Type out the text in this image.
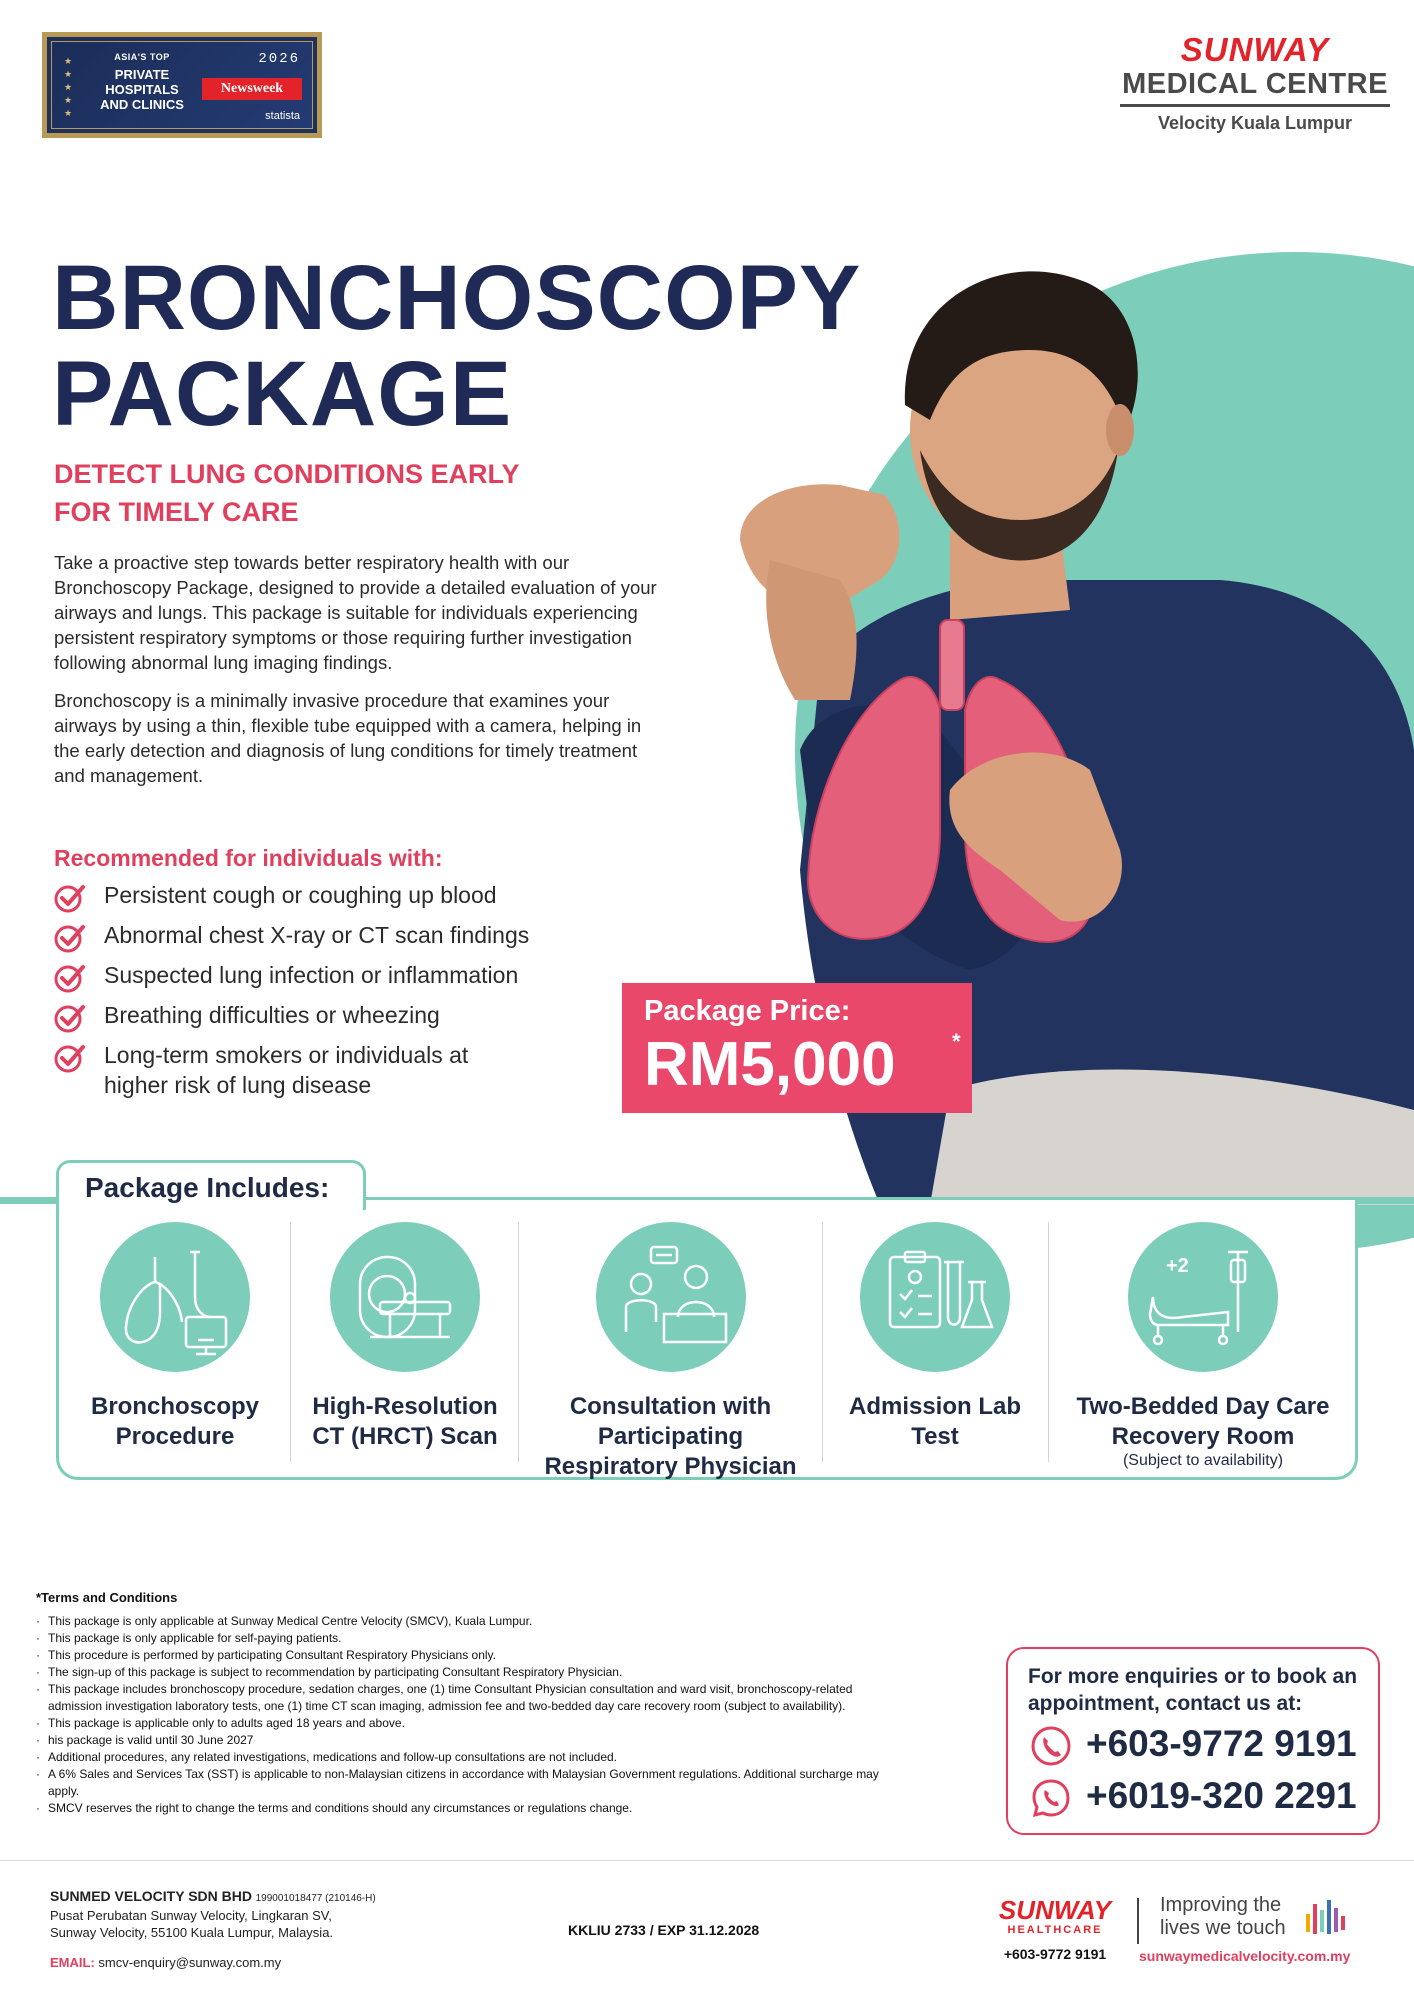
★
★
★
★
★
ASIA'S TOP
PRIVATE HOSPITALS AND CLINICS
2026
Newsweek
statista
SUNWAY
MEDICAL CENTRE
Velocity Kuala Lumpur
BRONCHOSCOPY
PACKAGE
DETECT LUNG CONDITIONS EARLY
FOR TIMELY CARE

Take a proactive step towards better respiratory health with our Bronchoscopy Package, designed to provide a detailed evaluation of your airways and lungs. This package is suitable for individuals experiencing persistent respiratory symptoms or those requiring further investigation following abnormal lung imaging findings.

Bronchoscopy is a minimally invasive procedure that examines your airways by using a thin, flexible tube equipped with a camera, helping in the early detection and diagnosis of lung conditions for timely treatment and management.

Recommended for individuals with:
Persistent cough or coughing up blood
Abnormal chest X-ray or CT scan findings
Suspected lung infection or inflammation
Breathing difficulties or wheezing
Long-term smokers or individuals at higher risk of lung disease
Package Price:
RM5,000	*
Package Includes:
Bronchoscopy Procedure
High-Resolution CT (HRCT) Scan
Consultation with Participating Respiratory Physician
Admission Lab Test
+2
Two-Bedded Day Care Recovery Room
(Subject to availability)
*Terms and Conditions
· This package is only applicable at Sunway Medical Centre Velocity (SMCV), Kuala Lumpur.
· This package is only applicable for self-paying patients.
· This procedure is performed by participating Consultant Respiratory Physicians only.
· The sign-up of this package is subject to recommendation by participating Consultant Respiratory Physician.
· This package includes bronchoscopy procedure, sedation charges, one (1) time Consultant Physician consultation and ward visit, bronchoscopy-related admission investigation laboratory tests, one (1) time CT scan imaging, admission fee and two-bedded day care recovery room (subject to availability).
· This package is applicable only to adults aged 18 years and above.
· his package is valid until 30 June 2027
· Additional procedures, any related investigations, medications and follow-up consultations are not included.
· A 6% Sales and Services Tax (SST) is applicable to non-Malaysian citizens in accordance with Malaysian Government regulations. Additional surcharge may apply.
· SMCV reserves the right to change the terms and conditions should any circumstances or regulations change.
For more enquiries or to book an appointment, contact us at:
+603-9772 9191
+6019-320 2291
SUNMED VELOCITY SDN BHD 199001018477 (210146-H)
Pusat Perubatan Sunway Velocity, Lingkaran SV,
Sunway Velocity, 55100 Kuala Lumpur, Malaysia.
EMAIL: smcv-enquiry@sunway.com.my
KKLIU 2733 / EXP 31.12.2028
SUNWAY
HEALTHCARE
+603-9772 9191
Improving the
lives we touch
sunwaymedicalvelocity.com.my
